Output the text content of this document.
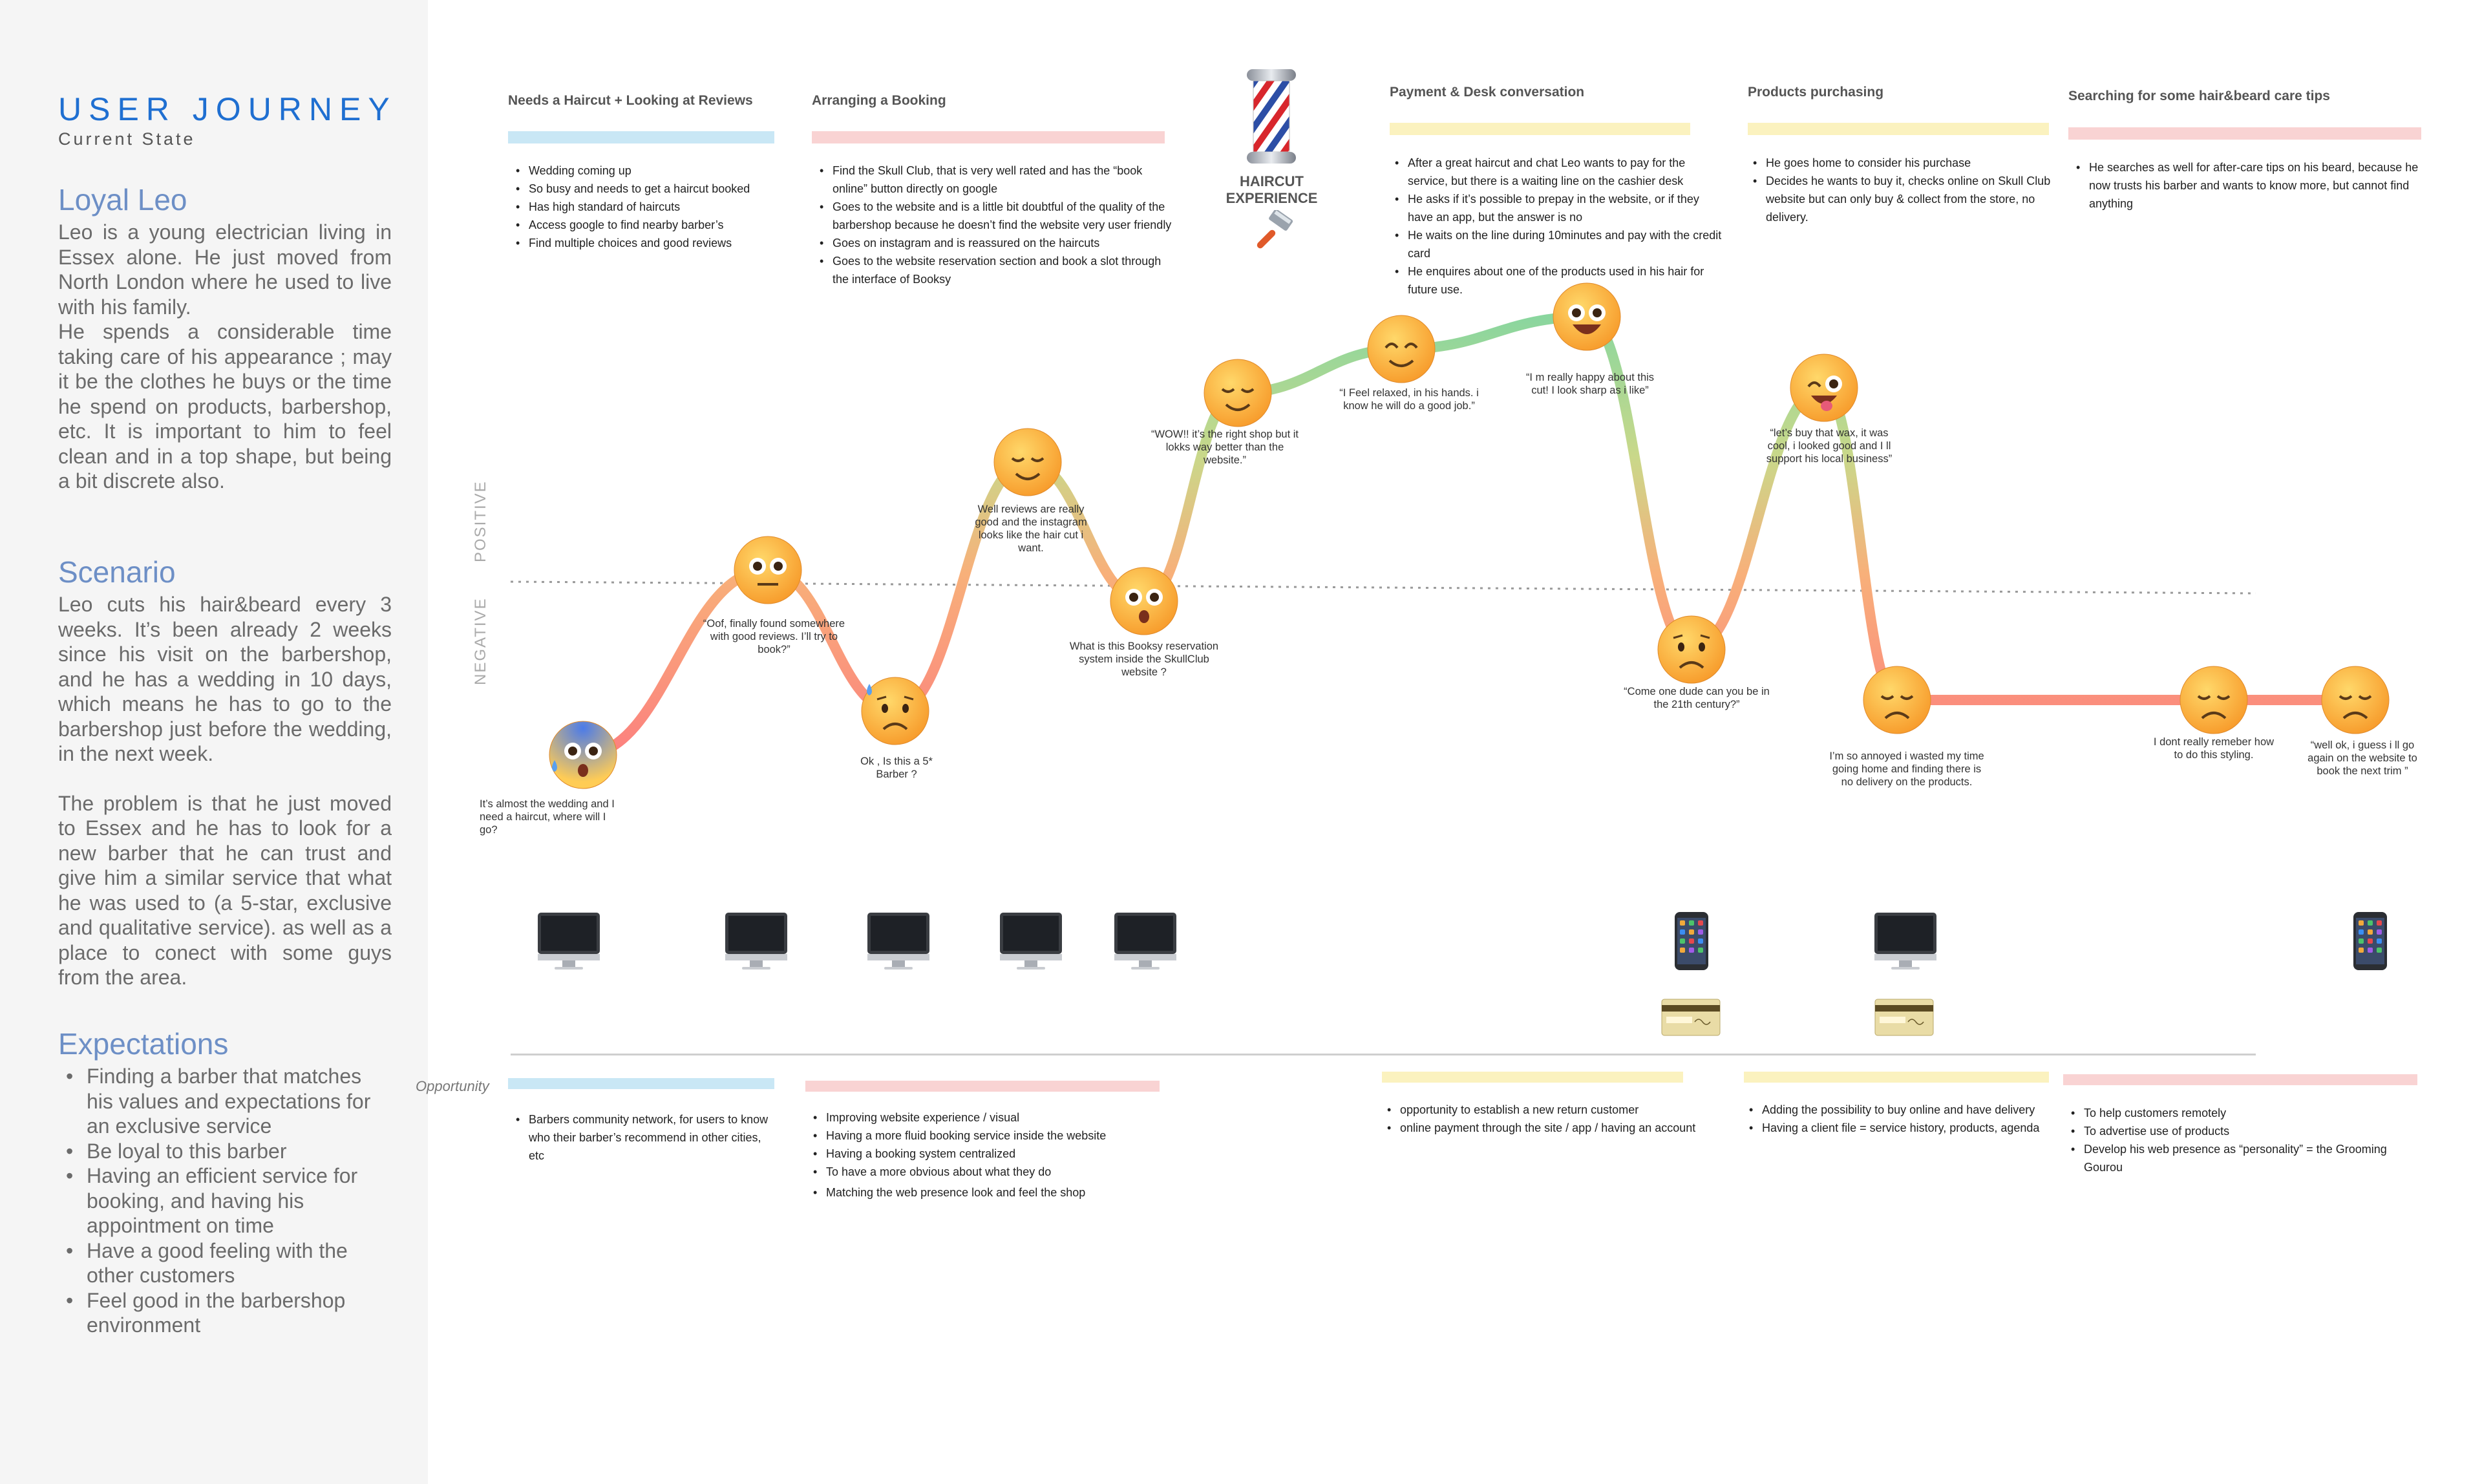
USER JOURNEY
Current State
Loyal Leo
Leo is a young electrician living in Essex alone. He just moved from North London where he used to live with his family.
He spends a considerable time taking care of his appearance ; may it be the clothes he buys or the time he spend on products, barbershop, etc. It is important to him to feel clean and in a top shape, but being a bit discrete also.
Scenario
Leo cuts his hair&beard every 3 weeks. It’s been already 2 weeks since his visit on the barbershop, and he has a wedding in 10 days, which means he has to go to the barbershop just before the wedding, in the next week.
The problem is that he just moved to Essex and he has to look for a new barber that he can trust and give him a similar service that what he was used to (a 5-star, exclusive and qualitative service). as well as a place to conect with some guys from the area.
Expectations
• Finding a barber that matches his values and expectations for an exclusive service
• Be loyal to this barber
• Having an efficient service for booking, and having his appointment on time
• Have a good feeling with the other customers
• Feel good in the barbershop environment
Needs a Haircut + Looking at Reviews
• Wedding coming up
• So busy and needs to get a haircut booked
• Has high standard of haircuts
• Access google to find nearby barber’s
• Find multiple choices and good reviews
Arranging a Booking
• Find the Skull Club, that is very well rated and has the “book online” button directly on google
• Goes to the website and is a little bit doubtful of the quality of the barbershop because he doesn’t find the website very user friendly
• Goes on instagram and is reassured on the haircuts
• Goes to the website reservation section and book a slot through the interface of Booksy
Payment & Desk conversation
• After a great haircut and chat Leo wants to pay for the service, but there is a waiting line on the cashier desk
• He asks if it’s possible to prepay in the website, or if they have an app, but the answer is no
• He waits on the line during 10minutes and pay with the credit card
• He enquires about one of the products used in his hair for future use.
Products purchasing
• He goes home to consider his purchase
• Decides he wants to buy it, checks online on Skull Club website but can only buy & collect from the store, no delivery.
Searching for some hair&beard care tips
• He searches as well for after-care tips on his beard, because he now trusts his barber and wants to know more, but cannot find anything
HAIRCUT
EXPERIENCE
POSITIVE
NEGATIVE
It’s almost the wedding and I need a haircut, where will I go?
“Oof, finally found somewhere with good reviews. I’ll try to book?”
Ok , Is this a 5* Barber ?
Well reviews are really good and the instagram looks like the hair cut i want.
What is this Booksy reservation system inside the SkullClub website ?
“WOW!! it’s the right shop but it lokks way better than the website.”
“I Feel relaxed, in his hands. i know he will do a good job.”
“I m really happy about this cut! I look sharp as i like”
“Come one dude can you be in the 21th century?”
“let’s buy that wax, it was cool, i looked good and I ll support his local business”
I’m so annoyed i wasted my time going home and finding there is no delivery on the products.
I dont really remeber how to do this styling.
“well ok, i guess i ll go again on the website to book the next trim ”
Opportunity
• Barbers community network, for users to know who their barber’s recommend in other cities, etc
• Improving website experience / visual
• Having a more fluid booking service inside the website
• Having a booking system centralized
• To have a more obvious about what they do
• Matching the web presence look and feel the shop
• opportunity to establish a new return customer
• online payment through the site / app / having an account
• Adding the possibility to buy online and have delivery
• Having a client file = service history, products, agenda
• To help customers remotely
• To advertise use of products
• Develop his web presence as “personality” = the Grooming Gourou
